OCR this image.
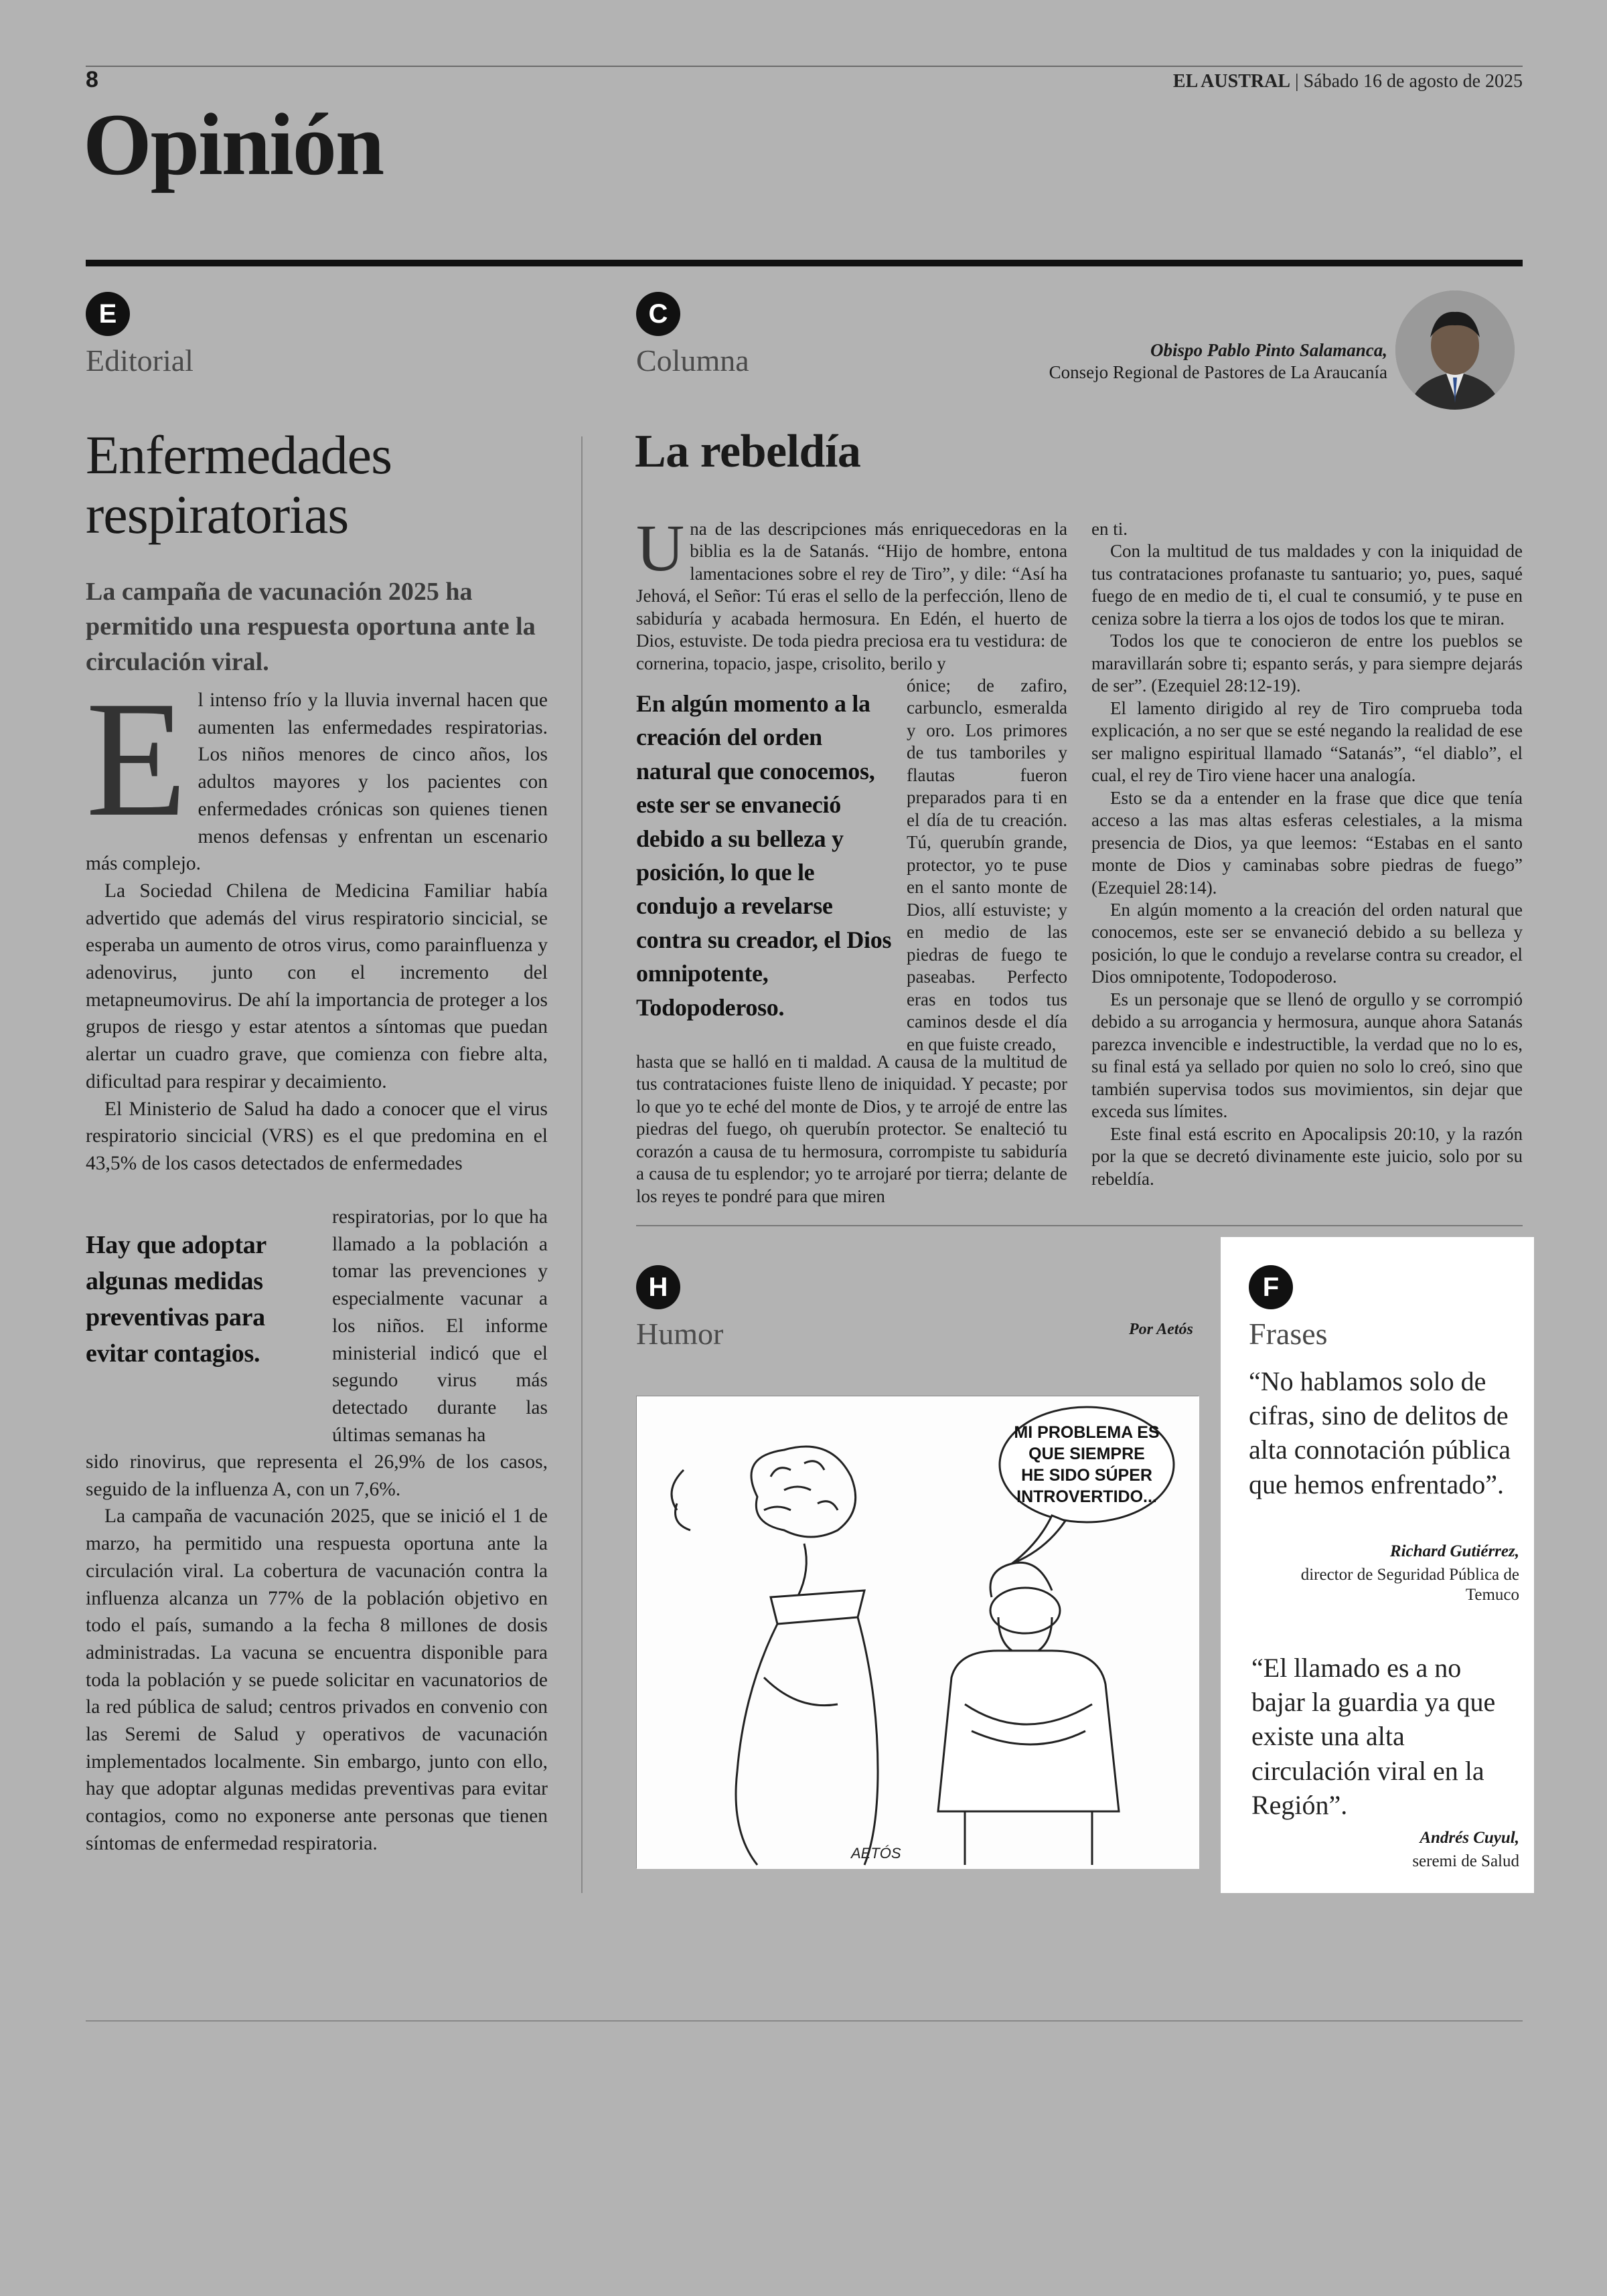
8	EL AUSTRAL | Sábado 16 de agosto de 2025
Opinión
E
Editorial
Enfermedades respiratorias
La campaña de vacunación 2025 ha permitido una respuesta oportuna ante la circulación viral.
E l intenso frío y la lluvia invernal hacen que aumenten las enfermedades respiratorias. Los niños menores de cinco años, los adultos mayores y los pacientes con enfermedades crónicas son quienes tienen menos defensas y enfrentan un escenario más complejo.

La Sociedad Chilena de Medicina Familiar había advertido que además del virus respiratorio sincicial, se esperaba un aumento de otros virus, como parainfluenza y adenovirus, junto con el incremento del metapneumovirus. De ahí la importancia de proteger a los grupos de riesgo y estar atentos a síntomas que puedan alertar un cuadro grave, que comienza con fiebre alta, dificultad para respirar y decaimiento.

El Ministerio de Salud ha dado a conocer que el virus respiratorio sincicial (VRS) es el que predomina en el 43,5% de los casos detectados de enfermedades

Hay que adoptar algunas medidas preventivas para evitar contagios.

respiratorias, por lo que ha llamado a la población a tomar las prevenciones y especialmente vacunar a los niños. El informe ministerial indicó que el segundo virus más detectado durante las últimas semanas ha

sido rinovirus, que representa el 26,9% de los casos, seguido de la influenza A, con un 7,6%.

La campaña de vacunación 2025, que se inició el 1 de marzo, ha permitido una respuesta oportuna ante la circulación viral. La cobertura de vacunación contra la influenza alcanza un 77% de la población objetivo en todo el país, sumando a la fecha 8 millones de dosis administradas. La vacuna se encuentra disponible para toda la población y se puede solicitar en vacunatorios de la red pública de salud; centros privados en convenio con las Seremi de Salud y operativos de vacunación implementados localmente. Sin embargo, junto con ello, hay que adoptar algunas medidas preventivas para evitar contagios, como no exponerse ante personas que tienen síntomas de enfermedad respiratoria.

C
Columna	Obispo Pablo Pinto Salamanca,
Consejo Regional de Pastores de La Araucanía
La rebeldía
U na de las descripciones más enriquecedoras en la biblia es la de Satanás. “Hijo de hombre, entona lamentaciones sobre el rey de Tiro”, y dile: “Así ha Jehová, el Señor: Tú eras el sello de la perfección, lleno de sabiduría y acabada hermosura. En Edén, el huerto de Dios, estuviste. De toda piedra preciosa era tu vestidura: de cornerina, topacio, jaspe, crisolito, berilo y

En algún momento a la creación del orden natural que conocemos, este ser se envaneció debido a su belleza y posición, lo que le condujo a revelarse contra su creador, el Dios omnipotente, Todopoderoso.

ónice; de zafiro, carbunclo, esmeralda y oro. Los primores de tus tamboriles y flautas fueron preparados para ti en el día de tu creación. Tú, querubín grande, protector, yo te puse en el santo monte de Dios, allí estuviste; y en medio de las piedras de fuego te paseabas. Perfecto eras en todos tus caminos desde el día en que fuiste creado,

hasta que se halló en ti maldad. A causa de la multitud de tus contrataciones fuiste lleno de iniquidad. Y pecaste; por lo que yo te eché del monte de Dios, y te arrojé de entre las piedras del fuego, oh querubín protector. Se enalteció tu corazón a causa de tu hermosura, corrompiste tu sabiduría a causa de tu esplendor; yo te arrojaré por tierra; delante de los reyes te pondré para que miren

en ti.

Con la multitud de tus maldades y con la iniquidad de tus contrataciones profanaste tu santuario; yo, pues, saqué fuego de en medio de ti, el cual te consumió, y te puse en ceniza sobre la tierra a los ojos de todos los que te miran.

Todos los que te conocieron de entre los pueblos se maravillarán sobre ti; espanto serás, y para siempre dejarás de ser”. (Ezequiel 28:12-19).

El lamento dirigido al rey de Tiro comprueba toda explicación, a no ser que se esté negando la realidad de ese ser maligno espiritual llamado “Satanás”, “el diablo”, el cual, el rey de Tiro viene hacer una analogía.

Esto se da a entender en la frase que dice que tenía acceso a las mas altas esferas celestiales, a la misma presencia de Dios, ya que leemos: “Estabas en el santo monte de Dios y caminabas sobre piedras de fuego” (Ezequiel 28:14).

En algún momento a la creación del orden natural que conocemos, este ser se envaneció debido a su belleza y posición, lo que le condujo a revelarse contra su creador, el Dios omnipotente, Todopoderoso.

Es un personaje que se llenó de orgullo y se corrompió debido a su arrogancia y hermosura, aunque ahora Satanás parezca invencible e indestructible, la verdad que no lo es, su final está ya sellado por quien no solo lo creó, sino que también supervisa todos sus movimientos, sin dejar que exceda sus límites.

Este final está escrito en Apocalipsis 20:10, y la razón por la que se decretó divinamente este juicio, solo por su rebeldía.

H
Humor	Por Aetós
MI PROBLEMA ES
QUE SIEMPRE
HE SIDO SÚPER
INTROVERTIDO...
AETÓS
F
Frases
“No hablamos solo de cifras, sino de delitos de alta connotación pública que hemos enfrentado”.
Richard Gutiérrez,
director de Seguridad Pública de Temuco
“El llamado es a no bajar la guardia ya que existe una alta circulación viral en la Región”.
Andrés Cuyul,
seremi de Salud
